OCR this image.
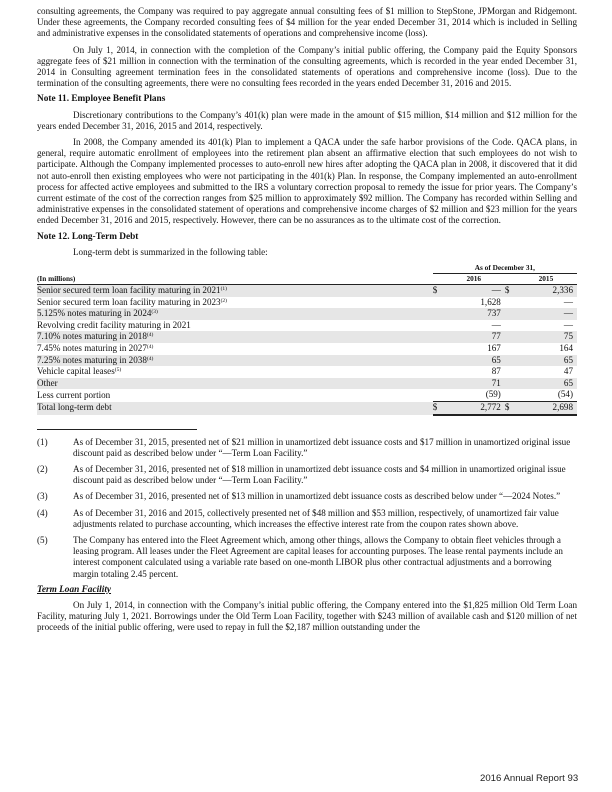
consulting agreements, the Company was required to pay aggregate annual consulting fees of $1 million to StepStone, JPMorgan and Ridgemont. Under these agreements, the Company recorded consulting fees of $4 million for the year ended December 31, 2014 which is included in Selling and administrative expenses in the consolidated statements of operations and comprehensive income (loss).

On July 1, 2014, in connection with the completion of the Company’s initial public offering, the Company paid the Equity Sponsors aggregate fees of $21 million in connection with the termination of the consulting agreements, which is recorded in the year ended December 31, 2014 in Consulting agreement termination fees in the consolidated statements of operations and comprehensive income (loss). Due to the termination of the consulting agreements, there were no consulting fees recorded in the years ended December 31, 2016 and 2015.

Note 11. Employee Benefit Plans

Discretionary contributions to the Company’s 401(k) plan were made in the amount of $15 million, $14 million and $12 million for the years ended December 31, 2016, 2015 and 2014, respectively.

In 2008, the Company amended its 401(k) Plan to implement a QACA under the safe harbor provisions of the Code. QACA plans, in general, require automatic enrollment of employees into the retirement plan absent an affirmative election that such employees do not wish to participate. Although the Company implemented processes to auto-enroll new hires after adopting the QACA plan in 2008, it discovered that it did not auto-enroll then existing employees who were not participating in the 401(k) Plan. In response, the Company implemented an auto-enrollment process for affected active employees and submitted to the IRS a voluntary correction proposal to remedy the issue for prior years. The Company’s current estimate of the cost of the correction ranges from $25 million to approximately $92 million. The Company has recorded within Selling and administrative expenses in the consolidated statement of operations and comprehensive income charges of $2 million and $23 million for the years ended December 31, 2016 and 2015, respectively. However, there can be no assurances as to the ultimate cost of the correction.

Note 12. Long-Term Debt

Long-term debt is summarized in the following table:

	As of December 31,			
(In millions)		2016		2015
Senior secured term loan facility maturing in 2021$^{(1)}$	$	—	$	2,336
Senior secured term loan facility maturing in 2023$^{(2)}$		1,628		—
5.125% notes maturing in 2024$^{(3)}$		737		—
Revolving credit facility maturing in 2021		—		—
7.10% notes maturing in 2018$^{(4)}$		77		75
7.45% notes maturing in 2027$^{(4)}$		167		164
7.25% notes maturing in 2038$^{(4)}$		65		65
Vehicle capital leases$^{(5)}$		87		47
Other		71		65
Less current portion		(59)		(54)
Total long-term debt	$	2,772	$	2,698
(1)	As of December 31, 2015, presented net of $21 million in unamortized debt issuance costs and $17 million in unamortized original issue discount paid as described below under “—Term Loan Facility.”
(2)	As of December 31, 2016, presented net of $18 million in unamortized debt issuance costs and $4 million in unamortized original issue discount paid as described below under “—Term Loan Facility.”
(3)	As of December 31, 2016, presented net of $13 million in unamortized debt issuance costs as described below under “—2024 Notes.”
(4)	As of December 31, 2016 and 2015, collectively presented net of $48 million and $53 million, respectively, of unamortized fair value adjustments related to purchase accounting, which increases the effective interest rate from the coupon rates shown above.
(5)	The Company has entered into the Fleet Agreement which, among other things, allows the Company to obtain fleet vehicles through a leasing program. All leases under the Fleet Agreement are capital leases for accounting purposes. The lease rental payments include an interest component calculated using a variable rate based on one-month LIBOR plus other contractual adjustments and a borrowing margin totaling 2.45 percent.
Term Loan Facility

On July 1, 2014, in connection with the Company’s initial public offering, the Company entered into the $1,825 million Old Term Loan Facility, maturing July 1, 2021. Borrowings under the Old Term Loan Facility, together with $243 million of available cash and $120 million of net proceeds of the initial public offering, were used to repay in full the $2,187 million outstanding under the

2016 Annual Report 93
